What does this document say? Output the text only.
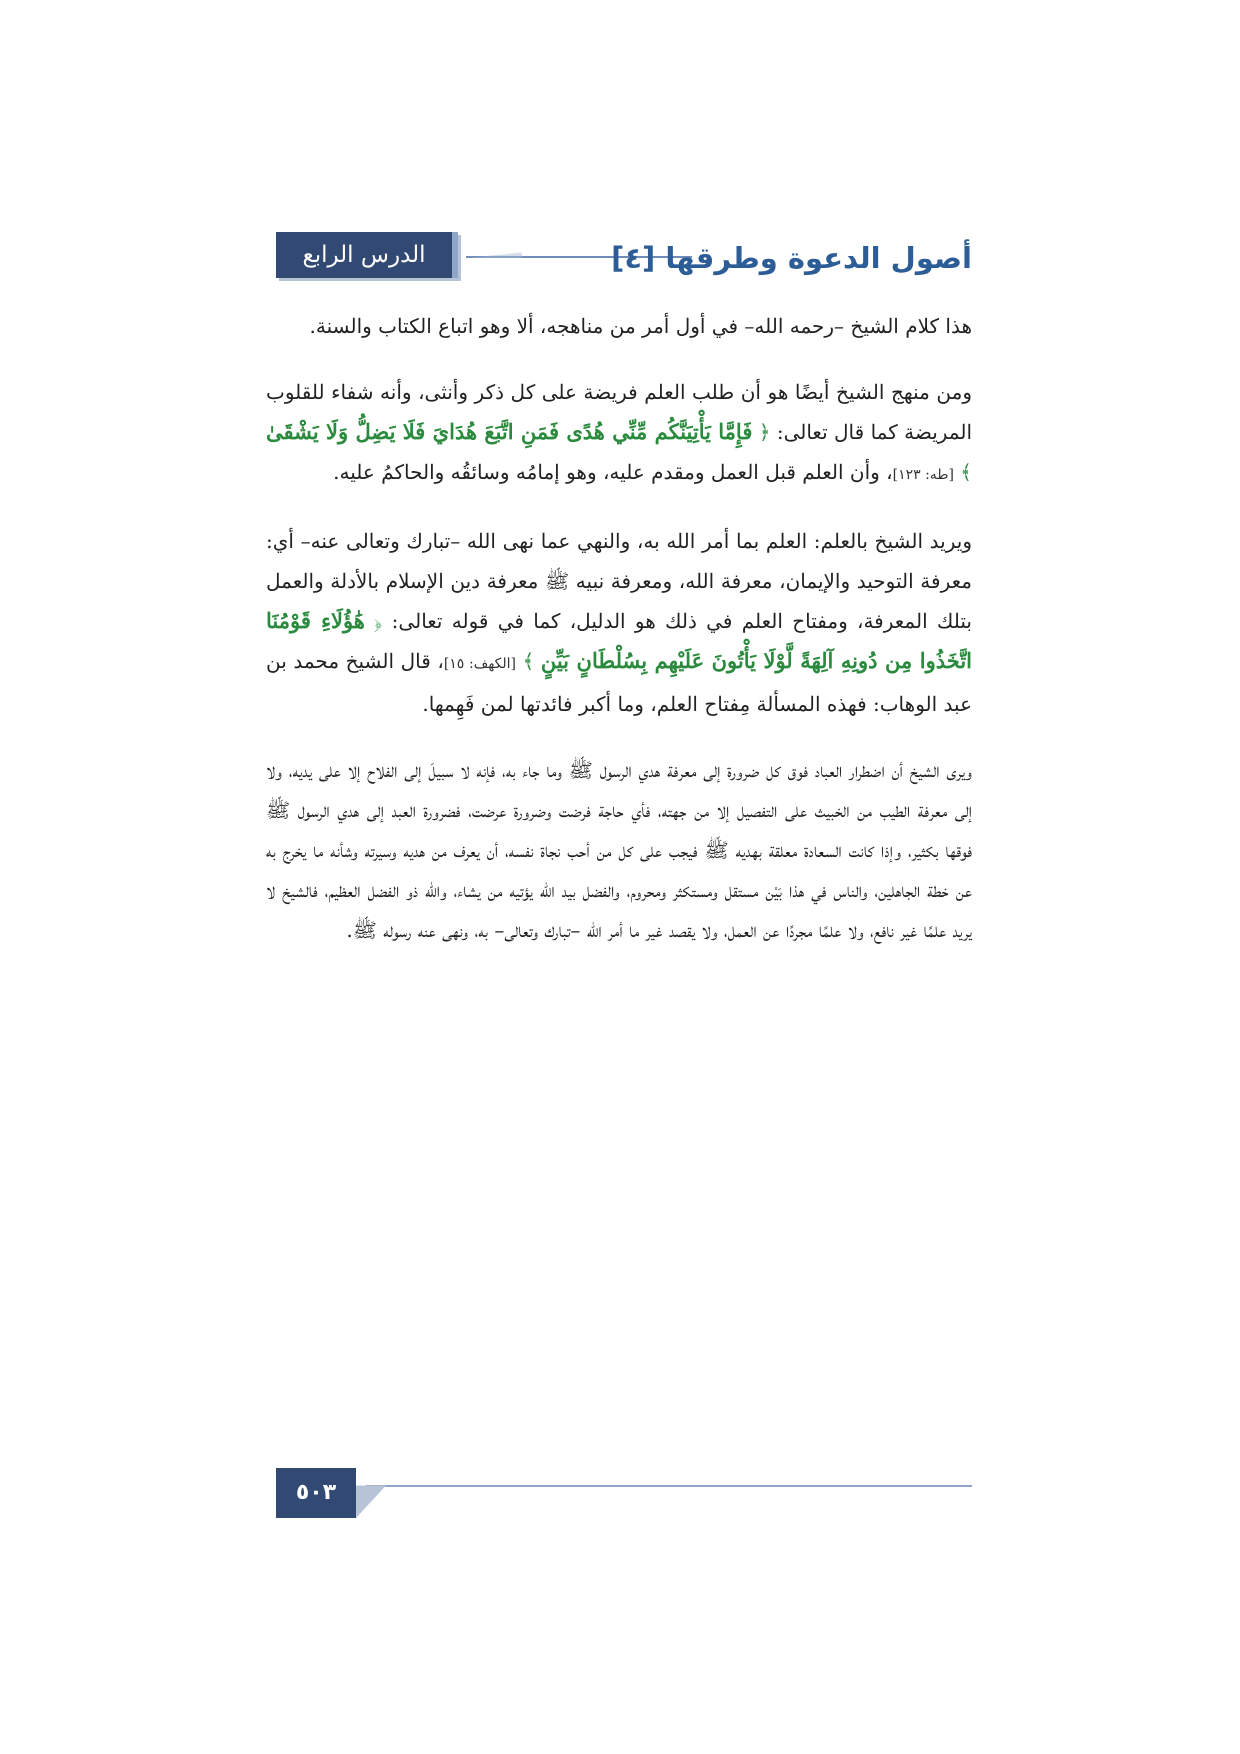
الدرس الرابع عشر
أصول الدعوة وطرقها [٤]

هذا كلام الشيخ –رحمه الله– في أول أمر من مناهجه، ألا وهو اتباع الكتاب والسنة.

ومن منهج الشيخ أيضًا هو أن طلب العلم فريضة على كل ذكر وأنثى، وأنه شفاء للقلوب المريضة كما قال تعالى: ﴿ فَإِمَّا يَأْتِيَنَّكُم مِّنِّي هُدًى فَمَنِ اتَّبَعَ هُدَايَ فَلَا يَضِلُّ وَلَا يَشْقَىٰ ﴾ [طه: ١٢٣]، وأن العلم قبل العمل ومقدم عليه، وهو إمامُه وسائقُه والحاكمُ عليه.

ويريد الشيخ بالعلم: العلم بما أمر الله به، والنهي عما نهى الله –تبارك وتعالى عنه– أي: معرفة التوحيد والإيمان، معرفة الله، ومعرفة نبيه ﷺ معرفة دين الإسلام بالأدلة والعمل بتلك المعرفة، ومفتاح العلم في ذلك هو الدليل، كما في قوله تعالى: ﴿ هَٰؤُلَاءِ قَوْمُنَا اتَّخَذُوا مِن دُونِهِ آلِهَةً لَّوْلَا يَأْتُونَ عَلَيْهِم بِسُلْطَانٍ بَيِّنٍ ﴾ [الكهف: ١٥]، قال الشيخ محمد بن عبد الوهاب: فهذه المسألة مِفتاح العلم، وما أكبر فائدتها لمن فَهِمها.

ويرى الشيخ أن اضطرار العباد فوق كل ضرورة إلى معرفة هدي الرسول ﷺ وما جاء به، فإنه لا سبيلَ إلى الفلاح إلا على يديه، ولا إلى معرفة الطيب من الخبيث على التفصيل إلا من جهته، فأي حاجة فرضت وضرورة عرضت، فضرورة العبد إلى هدي الرسول ﷺ فوقها بكثير، وإذا كانت السعادة معلقة بهديه ﷺ فيجب على كل من أحب نجاة نفسه، أن يعرف من هديه وسيرته وشأنه ما يخرج به عن خطة الجاهلين، والناس في هذا بَيْن مستقل ومستكثر ومحروم، والفضل بيد الله يؤتيه من يشاء، والله ذو الفضل العظيم، فالشيخ لا يريد علمًا غير نافع، ولا علمًا مجردًا عن العمل، ولا يقصد غير ما أمر الله –تبارك وتعالى– به، ونهى عنه رسوله ﷺ.

٥٠٣
